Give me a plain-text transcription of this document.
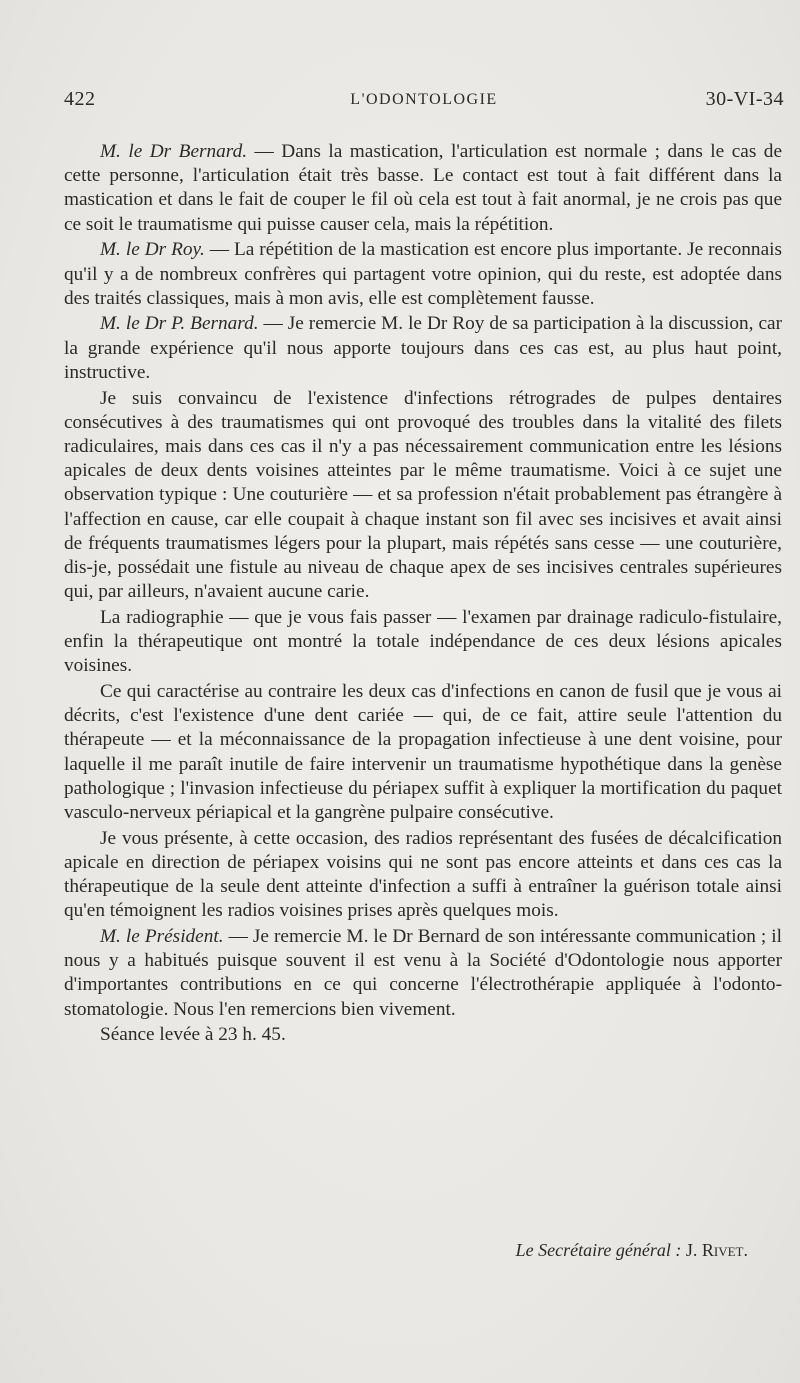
422	L'ODONTOLOGIE	30-VI-34

M. le Dr Bernard. — Dans la mastication, l'articulation est normale ; dans le cas de cette personne, l'articulation était très basse. Le contact est tout à fait différent dans la mastication et dans le fait de couper le fil où cela est tout à fait anormal, je ne crois pas que ce soit le traumatisme qui puisse causer cela, mais la répétition.

M. le Dr Roy. — La répétition de la mastication est encore plus importante. Je reconnais qu'il y a de nombreux confrères qui partagent votre opinion, qui du reste, est adoptée dans des traités classiques, mais à mon avis, elle est complètement fausse.

M. le Dr P. Bernard. — Je remercie M. le Dr Roy de sa participation à la discussion, car la grande expérience qu'il nous apporte toujours dans ces cas est, au plus haut point, instructive.

Je suis convaincu de l'existence d'infections rétrogrades de pulpes dentaires consécutives à des traumatismes qui ont provoqué des troubles dans la vitalité des filets radiculaires, mais dans ces cas il n'y a pas nécessairement communication entre les lésions apicales de deux dents voisines atteintes par le même traumatisme. Voici à ce sujet une observation typique : Une couturière — et sa profession n'était probablement pas étrangère à l'affection en cause, car elle coupait à chaque instant son fil avec ses incisives et avait ainsi de fréquents traumatismes légers pour la plupart, mais répétés sans cesse — une couturière, dis-je, possédait une fistule au niveau de chaque apex de ses incisives centrales supérieures qui, par ailleurs, n'avaient aucune carie.

La radiographie — que je vous fais passer — l'examen par drainage radiculo-fistulaire, enfin la thérapeutique ont montré la totale indépendance de ces deux lésions apicales voisines.

Ce qui caractérise au contraire les deux cas d'infections en canon de fusil que je vous ai décrits, c'est l'existence d'une dent cariée — qui, de ce fait, attire seule l'attention du thérapeute — et la méconnaissance de la propagation infectieuse à une dent voisine, pour laquelle il me paraît inutile de faire intervenir un traumatisme hypothétique dans la genèse pathologique ; l'invasion infectieuse du périapex suffit à expliquer la mortification du paquet vasculo-nerveux périapical et la gangrène pulpaire consécutive.

Je vous présente, à cette occasion, des radios représentant des fusées de décalcification apicale en direction de périapex voisins qui ne sont pas encore atteints et dans ces cas la thérapeutique de la seule dent atteinte d'infection a suffi à entraîner la guérison totale ainsi qu'en témoignent les radios voisines prises après quelques mois.

M. le Président. — Je remercie M. le Dr Bernard de son intéressante communication ; il nous y a habitués puisque souvent il est venu à la Société d'Odontologie nous apporter d'importantes contributions en ce qui concerne l'électrothérapie appliquée à l'odonto-stomatologie. Nous l'en remercions bien vivement.

Séance levée à 23 h. 45.

Le Secrétaire général : J. Rivet.
